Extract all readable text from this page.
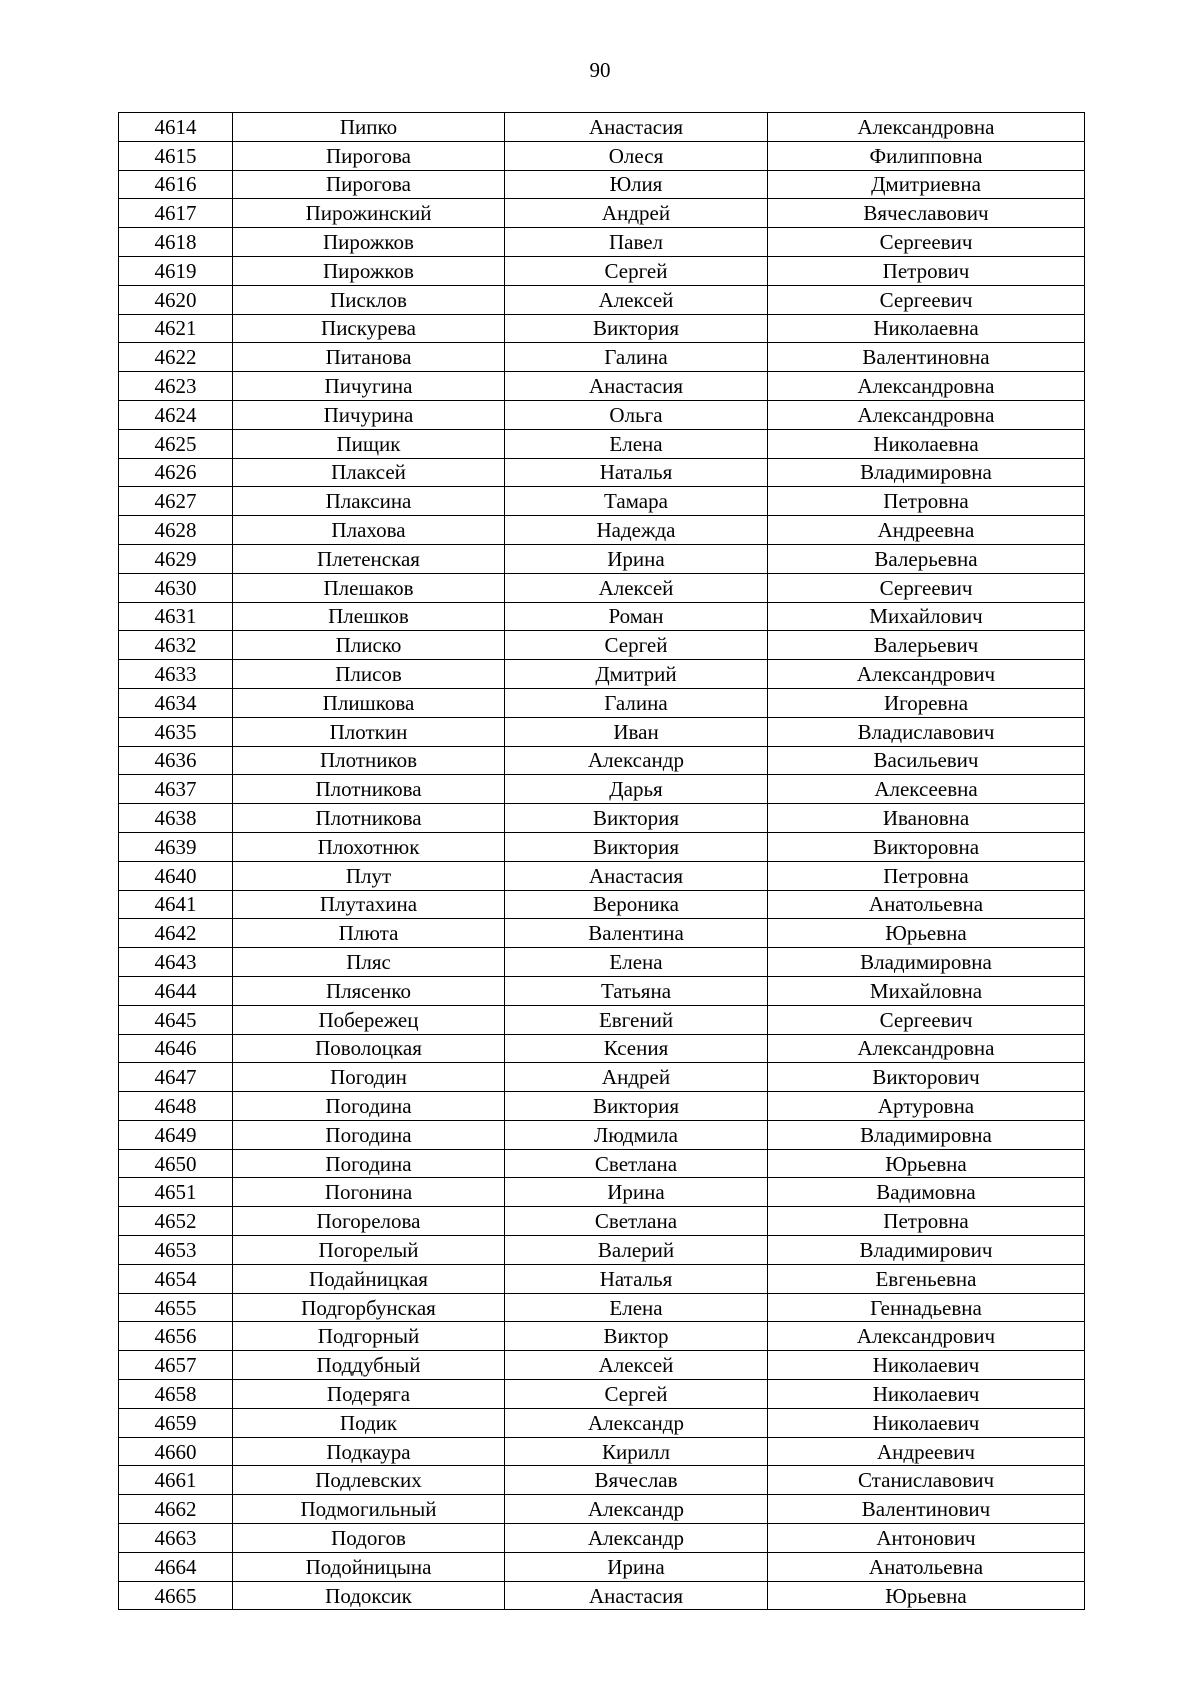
90
4614	Пипко	Анастасия	Александровна
4615	Пирогова	Олеся	Филипповна
4616	Пирогова	Юлия	Дмитриевна
4617	Пирожинский	Андрей	Вячеславович
4618	Пирожков	Павел	Сергеевич
4619	Пирожков	Сергей	Петрович
4620	Писклов	Алексей	Сергеевич
4621	Пискурева	Виктория	Николаевна
4622	Питанова	Галина	Валентиновна
4623	Пичугина	Анастасия	Александровна
4624	Пичурина	Ольга	Александровна
4625	Пищик	Елена	Николаевна
4626	Плаксей	Наталья	Владимировна
4627	Плаксина	Тамара	Петровна
4628	Плахова	Надежда	Андреевна
4629	Плетенская	Ирина	Валерьевна
4630	Плешаков	Алексей	Сергеевич
4631	Плешков	Роман	Михайлович
4632	Плиско	Сергей	Валерьевич
4633	Плисов	Дмитрий	Александрович
4634	Плишкова	Галина	Игоревна
4635	Плоткин	Иван	Владиславович
4636	Плотников	Александр	Васильевич
4637	Плотникова	Дарья	Алексеевна
4638	Плотникова	Виктория	Ивановна
4639	Плохотнюк	Виктория	Викторовна
4640	Плут	Анастасия	Петровна
4641	Плутахина	Вероника	Анатольевна
4642	Плюта	Валентина	Юрьевна
4643	Пляс	Елена	Владимировна
4644	Плясенко	Татьяна	Михайловна
4645	Побережец	Евгений	Сергеевич
4646	Поволоцкая	Ксения	Александровна
4647	Погодин	Андрей	Викторович
4648	Погодина	Виктория	Артуровна
4649	Погодина	Людмила	Владимировна
4650	Погодина	Светлана	Юрьевна
4651	Погонина	Ирина	Вадимовна
4652	Погорелова	Светлана	Петровна
4653	Погорелый	Валерий	Владимирович
4654	Подайницкая	Наталья	Евгеньевна
4655	Подгорбунская	Елена	Геннадьевна
4656	Подгорный	Виктор	Александрович
4657	Поддубный	Алексей	Николаевич
4658	Подеряга	Сергей	Николаевич
4659	Подик	Александр	Николаевич
4660	Подкаура	Кирилл	Андреевич
4661	Подлевских	Вячеслав	Станиславович
4662	Подмогильный	Александр	Валентинович
4663	Подогов	Александр	Антонович
4664	Подойницына	Ирина	Анатольевна
4665	Подоксик	Анастасия	Юрьевна
